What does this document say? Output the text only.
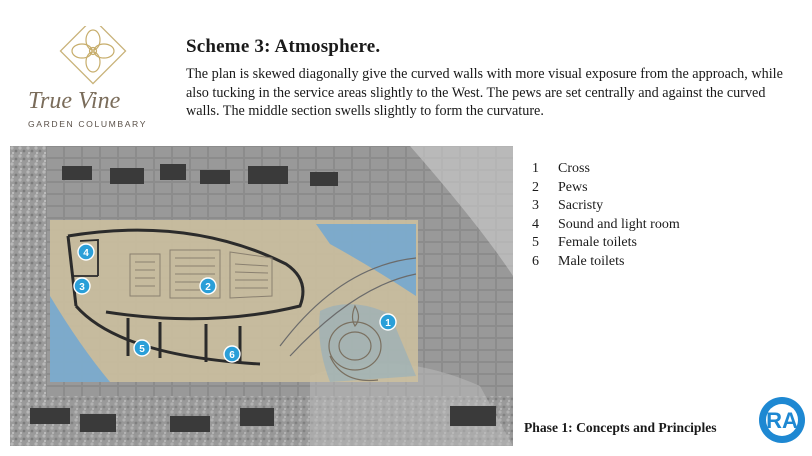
True Vine
GARDEN COLUMBARY
Scheme 3: Atmosphere.
The plan is skewed diagonally give the curved walls with more visual exposure from the approach, while also tucking in the service areas slightly to the West. The pews are set centrally and against the curved walls. The middle section swells slightly to form the curvature.
1
2
3
4
5
6
1	Cross
2	Pews
3	Sacristy
4	Sound and light room
5	Female toilets
6	Male toilets
Phase 1: Concepts and Principles RA
